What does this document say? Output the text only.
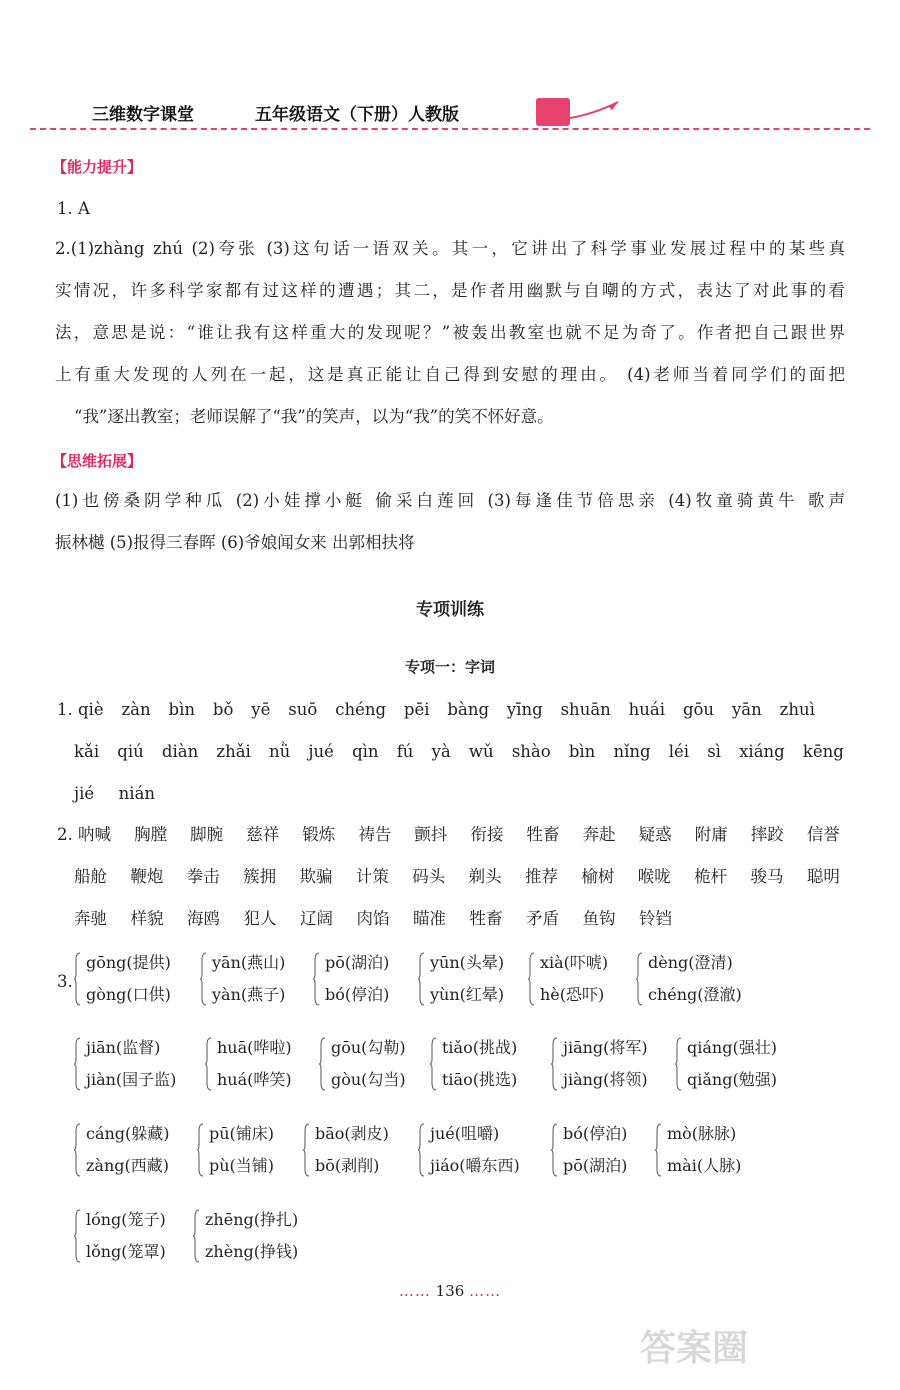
三维数字课堂	五年级语文（下册）人教版
【能力提升】
1. A
2.(1)zhàng zhú (2)夸张 (3)这句话一语双关。其一，它讲出了科学事业发展过程中的某些真
实情况，许多科学家都有过这样的遭遇；其二，是作者用幽默与自嘲的方式，表达了对此事的看
法，意思是说：“谁让我有这样重大的发现呢？”被轰出教室也就不足为奇了。作者把自己跟世界
上有重大发现的人列在一起，这是真正能让自己得到安慰的理由。 (4)老师当着同学们的面把
“我”逐出教室；老师误解了“我”的笑声，以为“我”的笑不怀好意。
【思维拓展】
(1)也傍桑阴学种瓜 (2)小娃撑小艇 偷采白莲回 (3)每逢佳节倍思亲 (4)牧童骑黄牛 歌声
振林樾 (5)报得三春晖 (6)爷娘闻女来 出郭相扶将
专项训练
专项一：字词
1. qiè zàn bìn bǒ yē suō chéng pēi bàng yīng shuān huái gōu yān zhuì
kǎi qiú diàn zhǎi nǜ jué qìn fú yà wǔ shào bìn nǐng léi sì xiáng kēng
jié nián
2. 呐喊 胸膛 脚腕 慈祥 锻炼 祷告 颤抖 衔接 牲畜 奔赴 疑惑 附庸 摔跤 信誉
船舱 鞭炮 拳击 簇拥 欺骗 计策 码头 剃头 推荐 榆树 喉咙 桅杆 骏马 聪明
奔驰 样貌 海鸥 犯人 辽阔 肉馅 瞄准 牲畜 矛盾 鱼钩 铃铛
3.
gōng(提供)
gòng(口供)
yān(燕山)
yàn(燕子)
pō(湖泊)
bó(停泊)
yūn(头晕)
yùn(红晕)
xià(吓唬)
hè(恐吓)
dèng(澄清)
chéng(澄澈)
jiān(监督)
jiàn(国子监)
huā(哗啦)
huá(哗笑)
gōu(勾勒)
gòu(勾当)
tiǎo(挑战)
tiāo(挑选)
jiāng(将军)
jiàng(将领)
qiáng(强壮)
qiǎng(勉强)
cáng(躲藏)
zàng(西藏)
pū(铺床)
pù(当铺)
bāo(剥皮)
bō(剥削)
jué(咀嚼)
jiáo(嚼东西)
bó(停泊)
pō(湖泊)
mò(脉脉)
mài(人脉)
lóng(笼子)
lǒng(笼罩)
zhēng(挣扎)
zhèng(挣钱)
…… 136 ……
答案圈
